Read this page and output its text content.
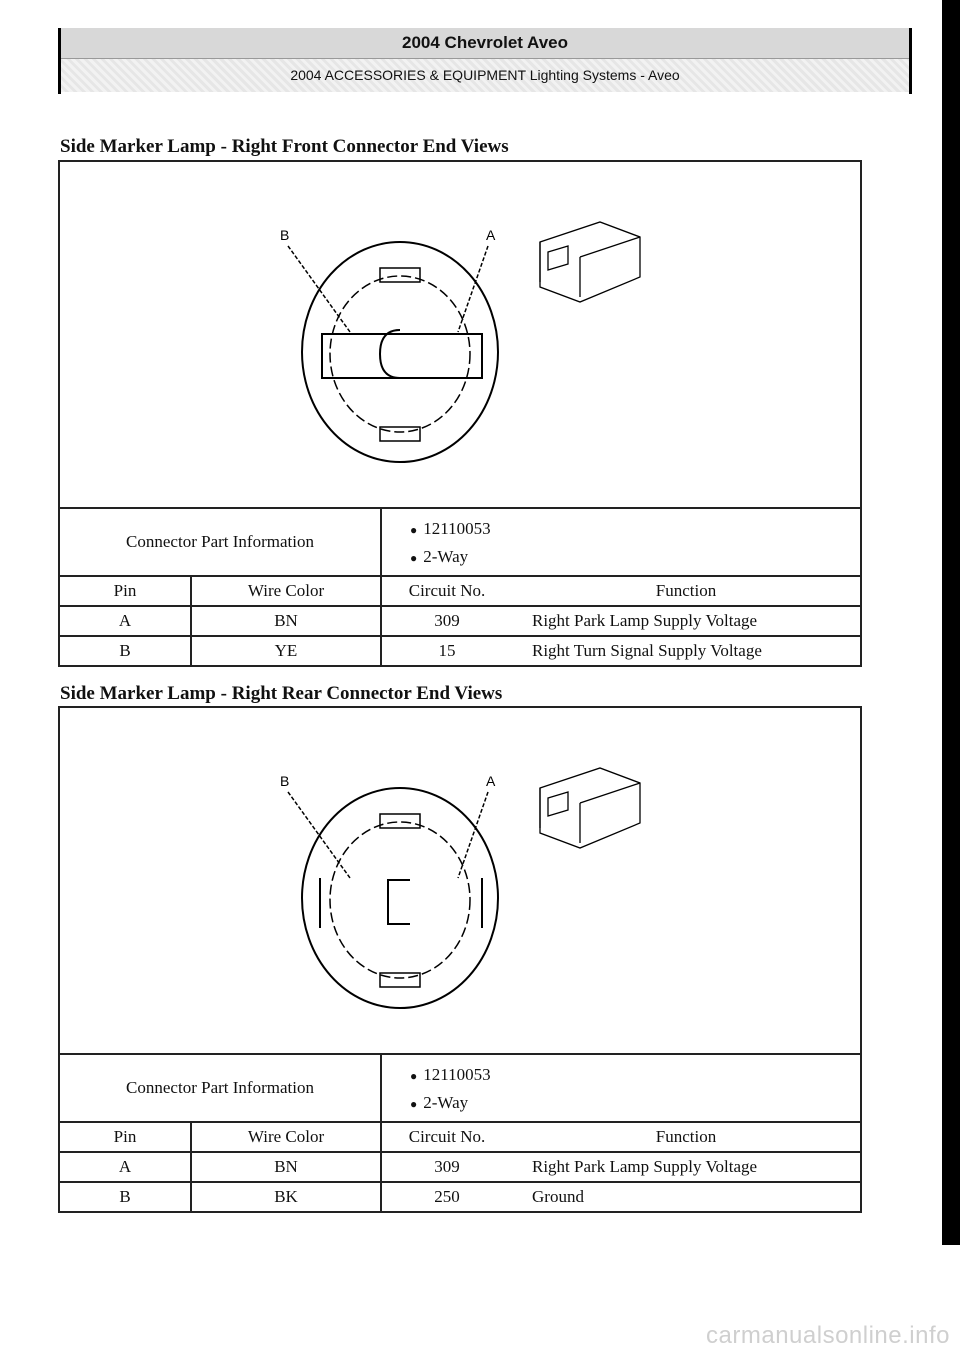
2004 Chevrolet Aveo
2004 ACCESSORIES & EQUIPMENT Lighting Systems - Aveo
Side Marker Lamp - Right Front Connector End Views
B	A
Connector Part Information		● 12110053
● 2-Way	

Pin	Wire Color	Circuit No.	Function
A	BN	309	Right Park Lamp Supply Voltage
B	YE	15	Right Turn Signal Supply Voltage
Side Marker Lamp - Right Rear Connector End Views
B	A
Connector Part Information		● 12110053
● 2-Way	

Pin	Wire Color	Circuit No.	Function
A	BN	309	Right Park Lamp Supply Voltage
B	BK	250	Ground
carmanualsonline.info
